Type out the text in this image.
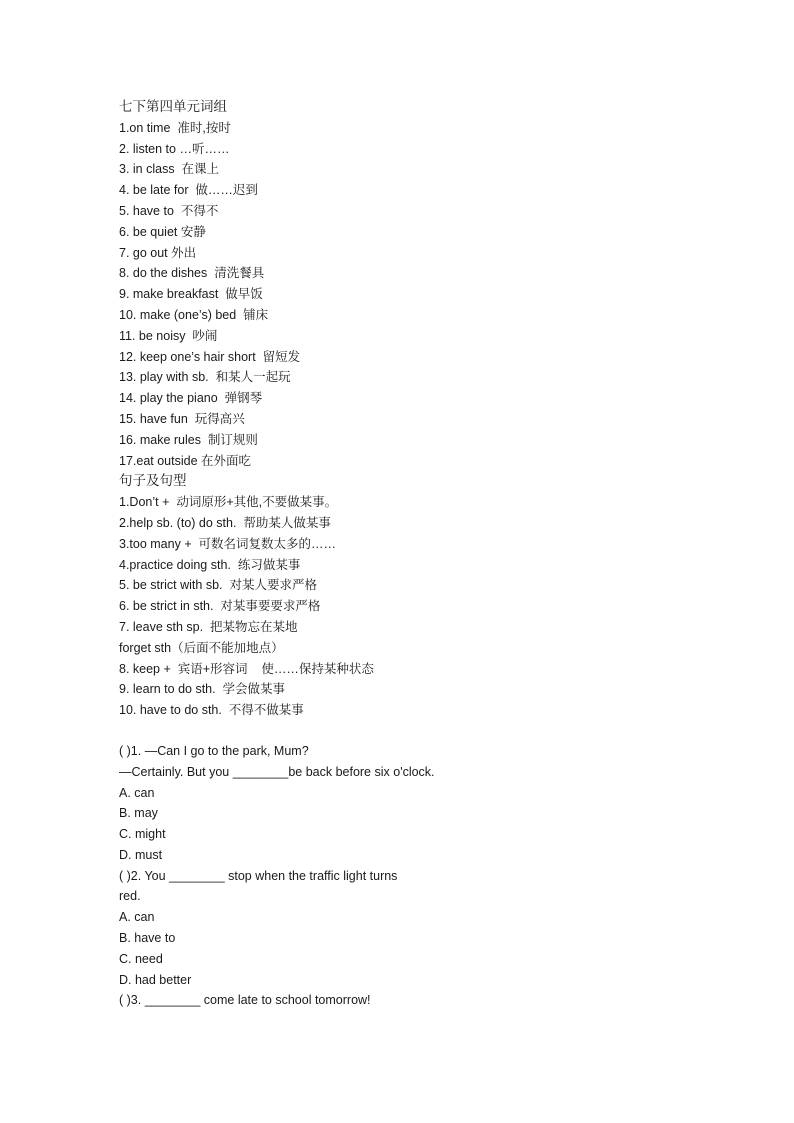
七下第四单元词组
1.on time  准时,按时
2. listen to …听……
3. in class  在课上
4. be late for  做……迟到
5. have to  不得不
6. be quiet 安静
7. go out 外出
8. do the dishes  清洗餐具
9. make breakfast  做早饭
10. make (one’s) bed  铺床
11. be noisy  吵闹
12. keep one’s hair short  留短发
13. play with sb.  和某人一起玩
14. play the piano  弹钢琴
15. have fun  玩得高兴
16. make rules  制订规则
17.eat outside 在外面吃
句子及句型
1.Don’t +  动词原形+其他,不要做某事。
2.help sb. (to) do sth.  帮助某人做某事
3.too many +  可数名词复数太多的……
4.practice doing sth.  练习做某事
5. be strict with sb.  对某人要求严格
6. be strict in sth.  对某事要要求严格
7. leave sth sp.  把某物忘在某地
forget sth（后面不能加地点）
8. keep +  宾语+形容词    使……保持某种状态
9. learn to do sth.  学会做某事
10. have to do sth.  不得不做某事
( )1. —Can I go to the park, Mum?
—Certainly. But you ________be back before six o'clock.
A. can
B. may
C. might
D. must
( )2. You ________ stop when the traffic light turns
red.
A. can
B. have to
C. need
D. had better
( )3. ________ come late to school tomorrow!
